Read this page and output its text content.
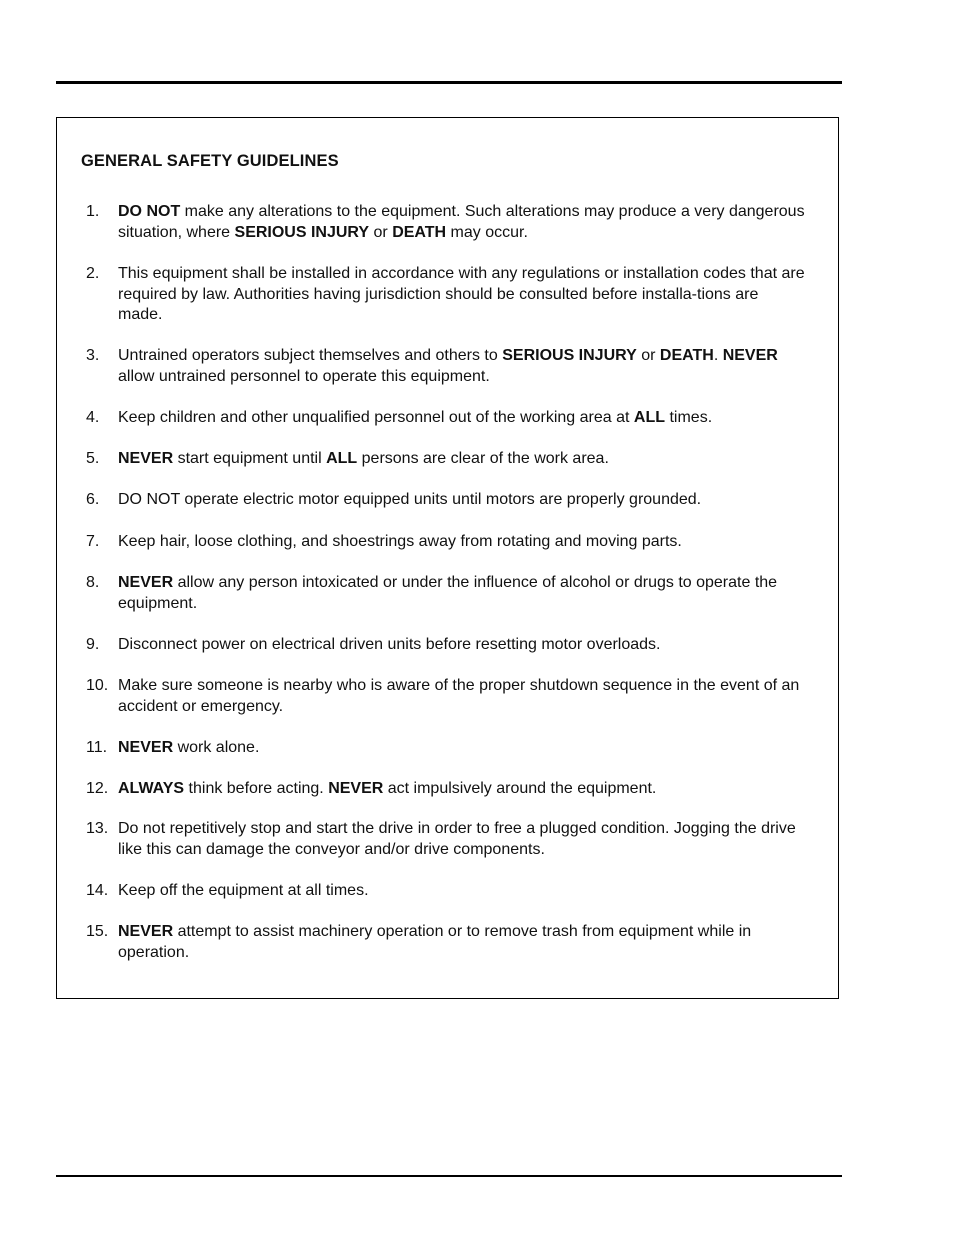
GENERAL SAFETY GUIDELINES
1. DO NOT make any alterations to the equipment. Such alterations may produce a very dangerous situation, where SERIOUS INJURY or DEATH may occur.
2. This equipment shall be installed in accordance with any regulations or installation codes that are required by law. Authorities having jurisdiction should be consulted before installa-tions are made.
3. Untrained operators subject themselves and others to SERIOUS INJURY or DEATH. NEVER allow untrained personnel to operate this equipment.
4. Keep children and other unqualified personnel out of the working area at ALL times.
5. NEVER start equipment until ALL persons are clear of the work area.
6. DO NOT operate electric motor equipped units until motors are properly grounded.
7. Keep hair, loose clothing, and shoestrings away from rotating and moving parts.
8. NEVER allow any person intoxicated or under the influence of alcohol or drugs to operate the equipment.
9. Disconnect power on electrical driven units before resetting motor overloads.
10. Make sure someone is nearby who is aware of the proper shutdown sequence in the event of an accident or emergency.
11. NEVER work alone.
12. ALWAYS think before acting. NEVER act impulsively around the equipment.
13. Do not repetitively stop and start the drive in order to free a plugged condition. Jogging the drive like this can damage the conveyor and/or drive components.
14. Keep off the equipment at all times.
15. NEVER attempt to assist machinery operation or to remove trash from equipment while in operation.
